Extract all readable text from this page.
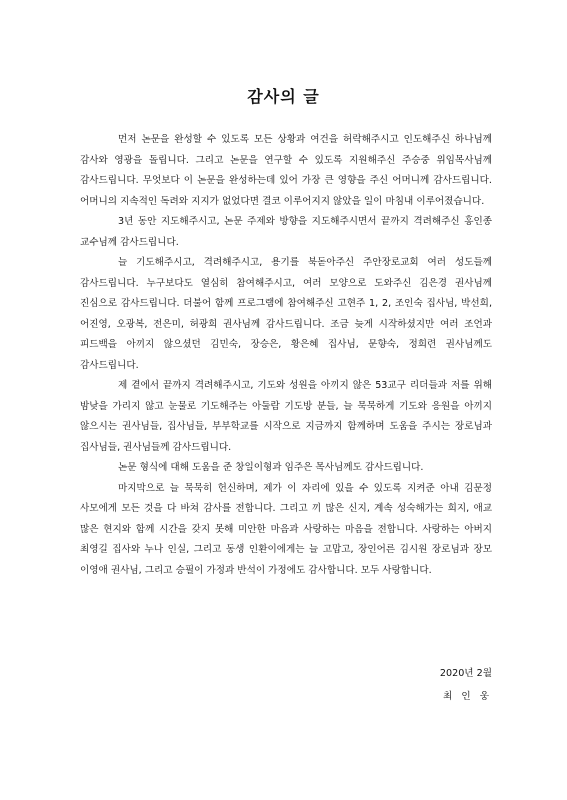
감사의 글

먼저 논문을 완성할 수 있도록 모든 상황과 여건을 허락해주시고 인도해주신 하나님께 감사와 영광을 돌립니다. 그리고 논문을 연구할 수 있도록 지원해주신 주승중 위임목사님께 감사드립니다. 무엇보다 이 논문을 완성하는데 있어 가장 큰 영향을 주신 어머니께 감사드립니다. 어머니의 지속적인 독려와 지지가 없었다면 결코 이루어지지 않았을 일이 마침내 이루어졌습니다.

3년 동안 지도해주시고, 논문 주제와 방향을 지도해주시면서 끝까지 격려해주신 홍인종 교수님께 감사드립니다.

늘 기도해주시고, 격려해주시고, 용기를 북돋아주신 주안장로교회 여러 성도들께 감사드립니다. 누구보다도 열심히 참여해주시고, 여러 모양으로 도와주신 김은경 권사님께 진심으로 감사드립니다. 더불어 함께 프로그램에 참여해주신 고현주 1, 2, 조인숙 집사님, 박선희, 어진영, 오광복, 전은미, 허광희 권사님께 감사드립니다. 조금 늦게 시작하셨지만 여러 조언과 피드백을 아끼지 않으셨던 김민숙, 장승은, 황은혜 집사님, 문향숙, 정희련 권사님께도 감사드립니다.

제 곁에서 끝까지 격려해주시고, 기도와 성원을 아끼지 않은 53교구 리더들과 저를 위해 밤낮을 가리지 않고 눈물로 기도해주는 아둘람 기도방 분들, 늘 묵묵하게 기도와 응원을 아끼지 않으시는 권사님들, 집사님들, 부부학교를 시작으로 지금까지 함께하며 도움을 주시는 장로님과 집사님들, 권사님들께 감사드립니다.

논문 형식에 대해 도움을 준 창일이형과 임주은 목사님께도 감사드립니다.

마지막으로 늘 묵묵히 헌신하며, 제가 이 자리에 있을 수 있도록 지켜준 아내 김문정 사모에게 모든 것을 다 바쳐 감사를 전합니다. 그리고 끼 많은 신지, 계속 성숙해가는 희지, 애교 많은 현지와 함께 시간을 갖지 못해 미안한 마음과 사랑하는 마음을 전합니다. 사랑하는 아버지 최영길 집사와 누나 인실, 그리고 동생 인환이에게는 늘 고맙고, 장인어른 김시원 장로님과 장모 이영애 권사님, 그리고 승필이 가정과 반석이 가정에도 감사합니다. 모두 사랑합니다.

2020년 2월
최 인 웅
